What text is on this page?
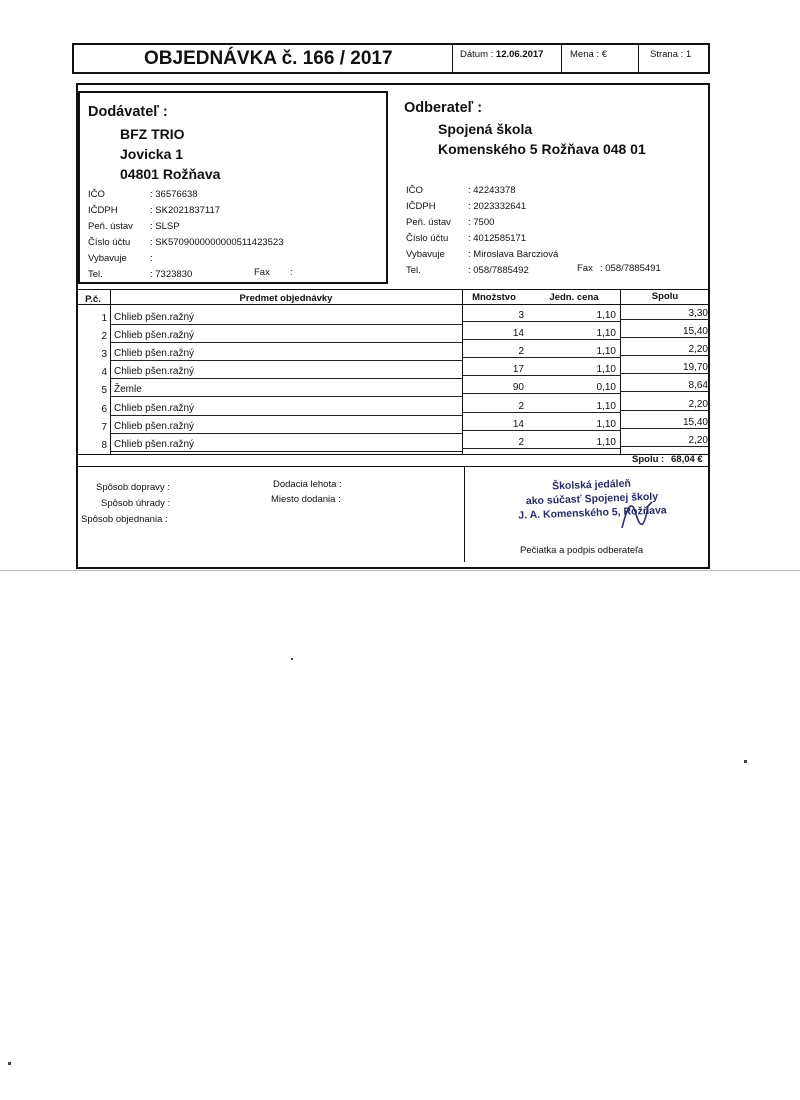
OBJEDNÁVKA č. 166 / 2017	Dátum : 12.06.2017	Mena : €	Strana : 1
Dodávateľ :
BFZ TRIO
Jovicka 1
04801 Rožňava
IČO	: 36576638
IČDPH	: SK2021837117
Peň. ústav : SLSP
Číslo účtu : SK5709000000000511423523
Vybavuje :
Tel.	: 7323830	Fax :
Odberateľ :
Spojená škola
Komenského 5 Rožňava 048 01
IČO	: 42243378
IČDPH	: 2023332641
Peň. ústav : 7500
Číslo účtu : 4012585171
Vybavuje : Miroslava Barcziová
Tel.	: 058/7885492	Fax : 058/7885491
P.č.	Predmet objednávky	Množstvo	Jedn. cena	Spolu
1 Chlieb pšen.ražný	3	1,10	3,30
2 Chlieb pšen.ražný	14	1,10	15,40
3 Chlieb pšen.ražný	2	1,10	2,20
4 Chlieb pšen.ražný	17	1,10	19,70
5 Žemle	90	0,10	8,64
6 Chlieb pšen.ražný	2	1,10	2,20
7 Chlieb pšen.ražný	14	1,10	15,40
8 Chlieb pšen.ražný	2	1,10	2,20
Spolu : 68,04 €
Spôsob dopravy :
Spôsob úhrady :
Spôsob objednania :
Dodacia lehota :
Miesto dodania :
Školská jedáleň
ako súčasť Spojenej školy
J. A. Komenského 5, Rožňava
Pečiatka a podpis odberateľa
